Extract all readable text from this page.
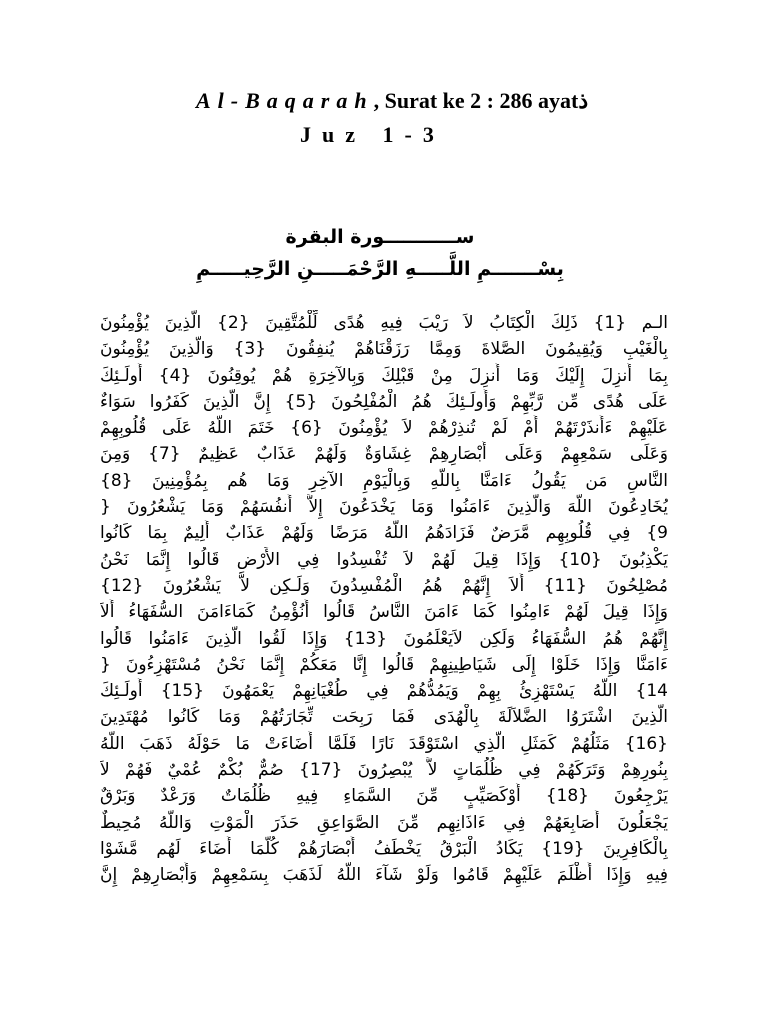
Al-Baqarah, Surat ke 2 : 286 ayatذ
Juz 1-3
ســـــــــــورة البقرة
بِسْـــــــمِ اللَّـــــهِ الرَّحْمَـــــنِ الرَّحِيـــــمِ
الـم {1} ذَلِكَ الْكِتَابُ لاَ رَيْبَ فِيهِ هُدًى لِّلْمُتَّقِينَ {2} الَّذِينَ يُؤْمِنُونَ
بِالْغَيْبِ وَيُقِيمُونَ الصَّلاةَ وَمِمَّا رَزَقْنَاهُمْ يُنفِقُونَ {3} وَالَّذِينَ يُؤْمِنُونَ
بِمَا أُنزِلَ إِلَيْكَ وَمَا أُنزِلَ مِنْ قَبْلِكَ وَبِالآخِرَةِ هُمْ يُوقِنُونَ {4} أُولَـئِكَ
عَلَى هُدًى مِّن رَّبِّهِمْ وَأُولَـئِكَ هُمُ الْمُفْلِحُونَ {5} إِنَّ الَّذِينَ كَفَرُوا سَوَاءٌ
عَلَيْهِمْ ءَأَنذَرْتَهُمْ أَمْ لَمْ تُنذِرْهُمْ لاَ يُؤْمِنُونَ {6} خَتَمَ اللَّهُ عَلَى قُلُوبِهِمْ
وَعَلَى سَمْعِهِمْ وَعَلَى أَبْصَارِهِمْ غِشَاوَةٌ وَلَهُمْ عَذَابٌ عَظِيمٌ {7} وَمِنَ
النَّاسِ مَن يَقُولُ ءَامَنَّا بِاللَّهِ وَبِالْيَوْمِ الآخِرِ وَمَا هُم بِمُؤْمِنِينَ {8}
يُخَادِعُونَ اللَّهَ وَالَّذِينَ ءَامَنُوا وَمَا يَخْدَعُونَ إِلاَّ أَنفُسَهُمْ وَمَا يَشْعُرُونَ {
9} فِي قُلُوبِهِم مَّرَضٌ فَزَادَهُمُ اللَّهُ مَرَضًا وَلَهُمْ عَذَابٌ أَلِيمٌ بِمَا كَانُوا
يَكْذِبُونَ {10} وَإِذَا قِيلَ لَهُمْ لاَ تُفْسِدُوا فِي الأَرْضِ قَالُوا إِنَّمَا نَحْنُ
مُصْلِحُونَ {11} أَلاَ إِنَّهُمْ هُمُ الْمُفْسِدُونَ وَلَـكِن لاَّ يَشْعُرُونَ {12}
وَإِذَا قِيلَ لَهُمْ ءَامِنُوا كَمَا ءَامَنَ النَّاسُ قَالُوا أَنُؤْمِنُ كَمَاءَامَنَ السُّفَهَاءُ أَلاَ
إِنَّهُمْ هُمُ السُّفَهَاءُ وَلَكِن لاَيَعْلَمُونَ {13} وَإِذَا لَقُوا الَّذِينَ ءَامَنُوا قَالُوا
ءَامَنَّا وَإِذَا خَلَوْا إِلَى شَيَاطِينِهِمْ قَالُوا إِنَّا مَعَكُمْ إِنَّمَا نَحْنُ مُسْتَهْزِءُونَ {
14} اللَّهُ يَسْتَهْزِئُ بِهِمْ وَيَمُدُّهُمْ فِي طُغْيَانِهِمْ يَعْمَهُونَ {15} أُولَـئِكَ
الَّذِينَ اشْتَرَوُا الضَّلاَلَةَ بِالْهُدَى فَمَا رَبِحَت تِّجَارَتُهُمْ وَمَا كَانُوا مُهْتَدِينَ
{16} مَثَلُهُمْ كَمَثَلِ الَّذِي اسْتَوْقَدَ نَارًا فَلَمَّا أَضَاءَتْ مَا حَوْلَهُ ذَهَبَ اللَّهُ
بِنُورِهِمْ وَتَرَكَهُمْ فِي ظُلُمَاتٍ لاَّ يُبْصِرُونَ {17} صُمٌّ بُكْمٌ عُمْيٌ فَهُمْ لاَ
يَرْجِعُونَ {18} أَوْكَصَيِّبٍ مِّنَ السَّمَاءِ فِيهِ ظُلُمَاتٌ وَرَعْدٌ وَبَرْقٌ
يَجْعَلُونَ أَصَابِعَهُمْ فِي ءَاذَانِهِم مِّنَ الصَّوَاعِقِ حَذَرَ الْمَوْتِ وَاللَّهُ مُحِيطٌ
بِالْكَافِرِينَ {19} يَكَادُ الْبَرْقُ يَخْطَفُ أَبْصَارَهُمْ كُلَّمَا أَضَاءَ لَهُم مَّشَوْا
فِيهِ وَإِذَا أَظْلَمَ عَلَيْهِمْ قَامُوا وَلَوْ شَآءَ اللَّهُ لَذَهَبَ بِسَمْعِهِمْ وَأَبْصَارِهِمْ إِنَّ
